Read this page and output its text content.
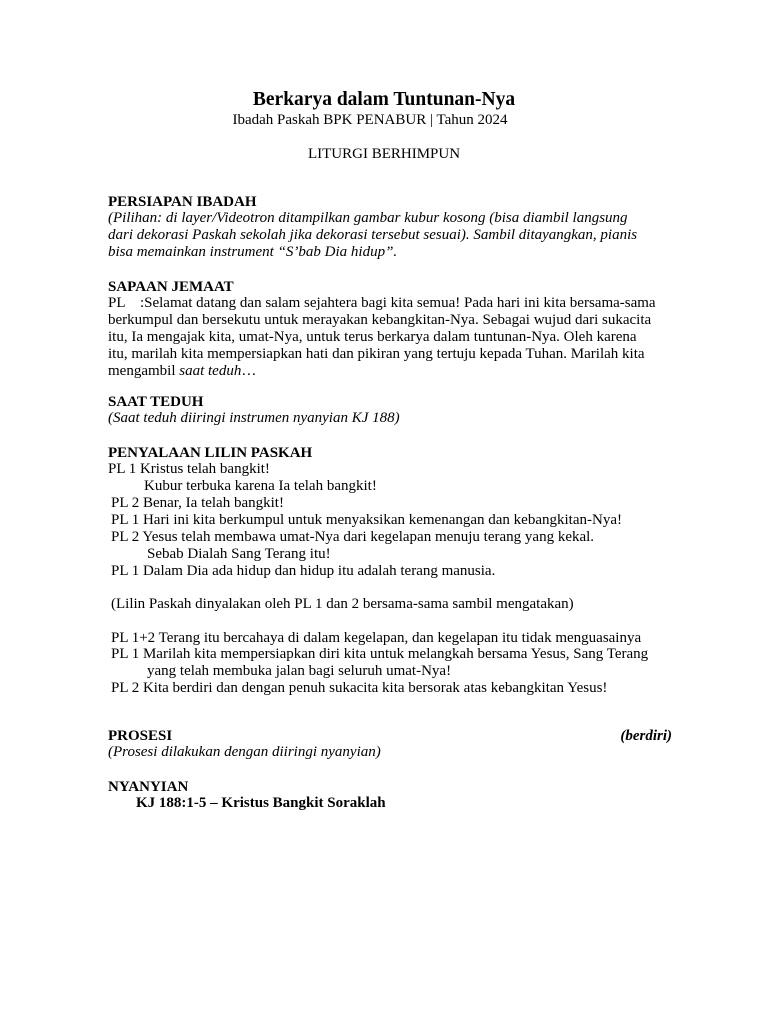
Berkarya dalam Tuntunan-Nya
Ibadah Paskah BPK PENABUR | Tahun 2024
LITURGI BERHIMPUN
PERSIAPAN IBADAH
(Pilihan: di layer/Videotron ditampilkan gambar kubur kosong (bisa diambil langsung
dari dekorasi Paskah sekolah jika dekorasi tersebut sesuai). Sambil ditayangkan, pianis
bisa memainkan instrument “S’bab Dia hidup”.
SAPAAN JEMAAT
PL    :Selamat datang dan salam sejahtera bagi kita semua! Pada hari ini kita bersama-sama
berkumpul dan bersekutu untuk merayakan kebangkitan-Nya. Sebagai wujud dari sukacita
itu, Ia mengajak kita, umat-Nya, untuk terus berkarya dalam tuntunan-Nya. Oleh karena
itu, marilah kita mempersiapkan hati dan pikiran yang tertuju kepada Tuhan. Marilah kita
mengambil saat teduh…
SAAT TEDUH
(Saat teduh diiringi instrumen nyanyian KJ 188)
PENYALAAN LILIN PASKAH
PL 1 Kristus telah bangkit!
Kubur terbuka karena Ia telah bangkit!
PL 2 Benar, Ia telah bangkit!
PL 1 Hari ini kita berkumpul untuk menyaksikan kemenangan dan kebangkitan-Nya!
PL 2 Yesus telah membawa umat-Nya dari kegelapan menuju terang yang kekal.
Sebab Dialah Sang Terang itu!
PL 1 Dalam Dia ada hidup dan hidup itu adalah terang manusia.
(Lilin Paskah dinyalakan oleh PL 1 dan 2 bersama-sama sambil mengatakan)
PL 1+2 Terang itu bercahaya di dalam kegelapan, dan kegelapan itu tidak menguasainya
PL 1 Marilah kita mempersiapkan diri kita untuk melangkah bersama Yesus, Sang Terang
yang telah membuka jalan bagi seluruh umat-Nya!
PL 2 Kita berdiri dan dengan penuh sukacita kita bersorak atas kebangkitan Yesus!
PROSESI	(berdiri)
(Prosesi dilakukan dengan diiringi nyanyian)
NYANYIAN
KJ 188:1-5 – Kristus Bangkit Soraklah
